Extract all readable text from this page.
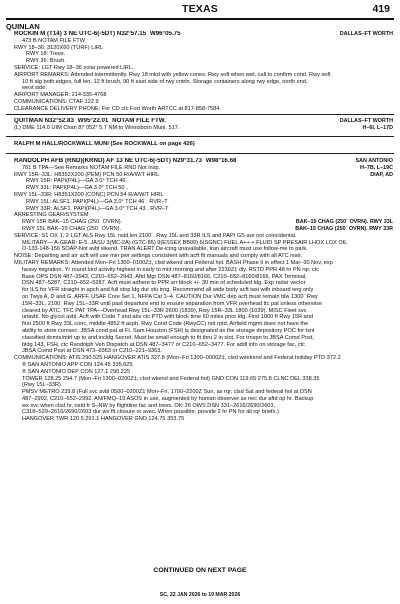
TEXAS	419
QUINLAN
ROCKIN M (T14) 3 NE UTC-6(-5DT) N32°57.15´ W96°05.75´	DALLAS–FT WORTH
473 B NOTAM FILE FTW
RWY 18–36: 3120X60 (TURF) LIRL
RWY 18: Trees.
RWY 36: Brush.
SERVICE: LGT Rwy 18–36 solar powered LIRL.
AIRPORT REMARKS: Attended intermittently. Rwy 18 mkd with yellow cones. Rwy soft when wet, call to confirm cond. Rwy soft
10 ft alg both edges, full len. 12 ft brush, 90 ft east side of rwy cntrln. Storage containers along rwy edge, north end,
west side.
AIRPORT MANAGER: 214-335-4768
COMMUNICATIONS: CTAF 122.9
CLEARANCE DELIVERY PHONE: For CD ctc Fort Worth ARTCC at 817-858-7584.
QUITMAN N32°52.83´ W95°22.01´ NOTAM FILE FTW.	DALLAS–FT WORTH
(L) DME 114.0 UIM Chan 87 052° 5.7 NM to Winnsboro Muni. 517.	H–6I, L–17D
RALPH M HALL/ROCKWALL MUNI (See ROCKWALL on page 426)
RANDOLPH AFB (RND)(KRND) AF 13 NE UTC-6(-5DT) N29°31.73´ W98°16.68´	SAN ANTONIO
761 B TPA—See Remarks NOTAM FILE RND Not insp.	H–7B, L–19C
RWY 15R–33L: H8352X200 (PEM) PCN 50 R/A/W/T HIRL	DIAP, AD
RWY 15R: PAPI(P4L)—GA 3.0° TCH 46´.
RWY 33L: PAPI(P4L)—GA 3.0° TCH 50´.
RWY 15L–33R: H8351X200 (CONC) PCN 54 R/A/W/T HIRL
RWY 15L: ALSF1. PAPI(P4L)—GA 3.0° TCH 46´. RVR–T
RWY 33R: ALSF1. PAPI(P4L)—GA 3.0° TCH 43´. RVR–T
ARRESTING GEAR/SYSTEM
RWY 15R BAK–15 CHAG (250´ OVRN).	BAK–15 CHAG (250´ OVRN). RWY 33L
RWY 15L BAK–15 CHAG (250´ OVRN).	BAK–15 CHAG (250´ OVRN). RWY 33R
SERVICE: S1 OX 1, 2 LGT ALS Rwy 15L nstd len 2100´. Rwy 15L and 33R ILS and PAPI GS are not coincidental.
MILITARY— A-GEAR: E-5. JASU 3(MC-2A) (GTC-85) 9(ESSEX BB09) 6(SGNC) FUEL A++ + FLUID SP PRESAIR LHOX LOX OIL
O-133-148-156 SOAP-Not avbl wkend. TRAN ALERT De-icing unavailable, tran aircraft must use follow-me to park.
NOISE: Departing and arr acft will use min pwr settings consistent with acft flt manuals and comply with all ATC instr.
MILITARY REMARKS: Attended Mon–Fri 1300–0100Z‡, clsd wkend and Federal hol. BASH Phase II in effect 1 Mar–30 Nov, exp
heavy migration. Yr round bird activity highest in early to mid morning and after 2230Z‡ dly. RSTD PPR 48 hr PN rqr, ctc
Base OPS DSN 487–2943, C210–652–2943, Aftd Mgr DSN 487–8160/8166, C210–652–8160/8166, PAX Terminal,
DSN 487–5287, C210–652–5287. Acft must adhere to PPR arr block +/- 30 min of scheduled Idg. Exp radar vector
for ILS for VFR straight in apch and full stop ldg dur stu trng. Recommend all wide body acft taxi with inboard eng only
on Twys A, D and G. ARFF, USAF Core Set 1, NFPA Cat 1–4. CAUTION Dur VMC dep acft must remain blw 1300´ Rwy
15R–33L, 2100´ Rwy 15L–33R until past departure end to ensure separation from VFR overhead ttc pat unless otherwise
cleared by ATC. TFC PAT TPA—Overhead Rwy 15L–33R 2600 (1839), Rwy 15R–33L 1800 (1039). MISC Fleet svc
unavbl. No glycol avbl. Acft with Code 7 and abv ctc PTD with block time 60 miles prior ldg. First 1000 ft Rwy 15R and
first 2500 ft Rwy 33L conc, middle 4852 ft asph. Rwy Cond Code (RwyCC) not rptd. Airfield mgmt does not have the
ability to store comsec. JBSA cond pat at Ft. Sam Houston (FSH) is designated as the storage depository POC for tsnt
classified dcmts/mtrl up to and incldg Secret. Must be small enough to fit thru 2 in slot. For trnspn to JBSA Comd Post,
bldg 143, FSH, ctc Randolph Veh Dispatch at DSN 487–3477 or C210–652–3477. For addl info on storage fac, ctc
JBSA Comd Post at DSN 473–9363 or C210–221–9363.
COMMUNICATIONS: ATIS 290.525 HANGOVER ATIS 327.8 (Mon–Fri 1300–0000Z‡, clsd weekend and Federal holiday PTD 372.2
® SAN ANTONIO APP CON 124.45 335.625
® SAN ANTONIO DEP CON 127.1 290.225
TOWER 128.25 294.7 (Mon–Fri 1300–0200Z‡, clsd wkend and Federal hol) GND CON 119.65 275.8 CLNC DEL 338.35
(Rwy 15L–33R)
PMSV METRO 239.8 (Full svc avbl 0500–0200Z‡ Mon–Fri, 1700–2200Z Sun, as rqr, clsd Sat and federal hol at DSN
487–2992, C210–652–2992. AN/FMQ–19 ASOS in use, augmented by human observer as nec dur aftd op hr. Backup
wx svc when clsd hr, nstd fr S–NW by flightline fac and trees. Ofc 26 OWS DSN 331–2616/2690/2603,
C318–529–2616/2690/2603 dur wx flt closure or avec. When possible, provide 2 hr PN for all rqr briefs.)
HANGOVER TWR 120.5 291.1 HANGOVER GND 124.75 353.75
CONTINUED ON NEXT PAGE
SC, 22 JAN 2026 to 19 MAR 2026
